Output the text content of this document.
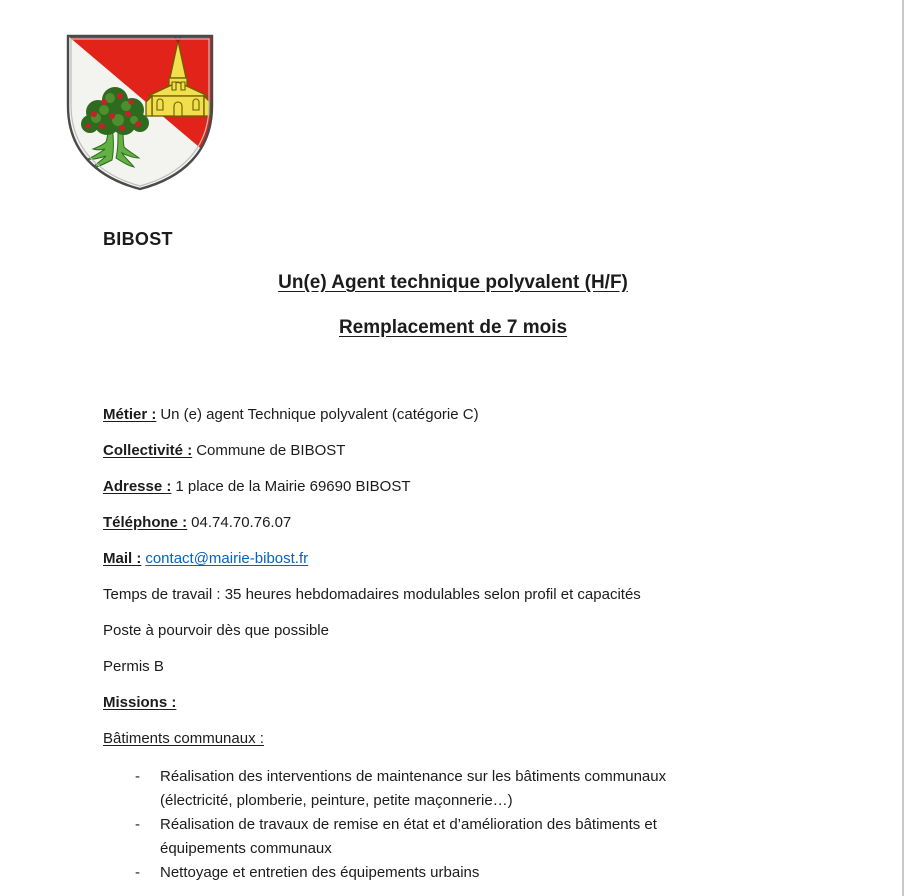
BIBOST
Un(e) Agent technique polyvalent (H/F)
Remplacement de 7 mois

Métier : Un (e) agent Technique polyvalent (catégorie C)

Collectivité : Commune de BIBOST

Adresse : 1 place de la Mairie 69690 BIBOST

Téléphone : 04.74.70.76.07

Mail : contact@mairie-bibost.fr

Temps de travail : 35 heures hebdomadaires modulables selon profil et capacités

Poste à pourvoir dès que possible

Permis B

Missions :

Bâtiments communaux :

-	Réalisation des interventions de maintenance sur les bâtiments communaux (électricité, plomberie, peinture, petite maçonnerie…)
-	Réalisation de travaux de remise en état et d’amélioration des bâtiments et équipements communaux
-	Nettoyage et entretien des équipements urbains
